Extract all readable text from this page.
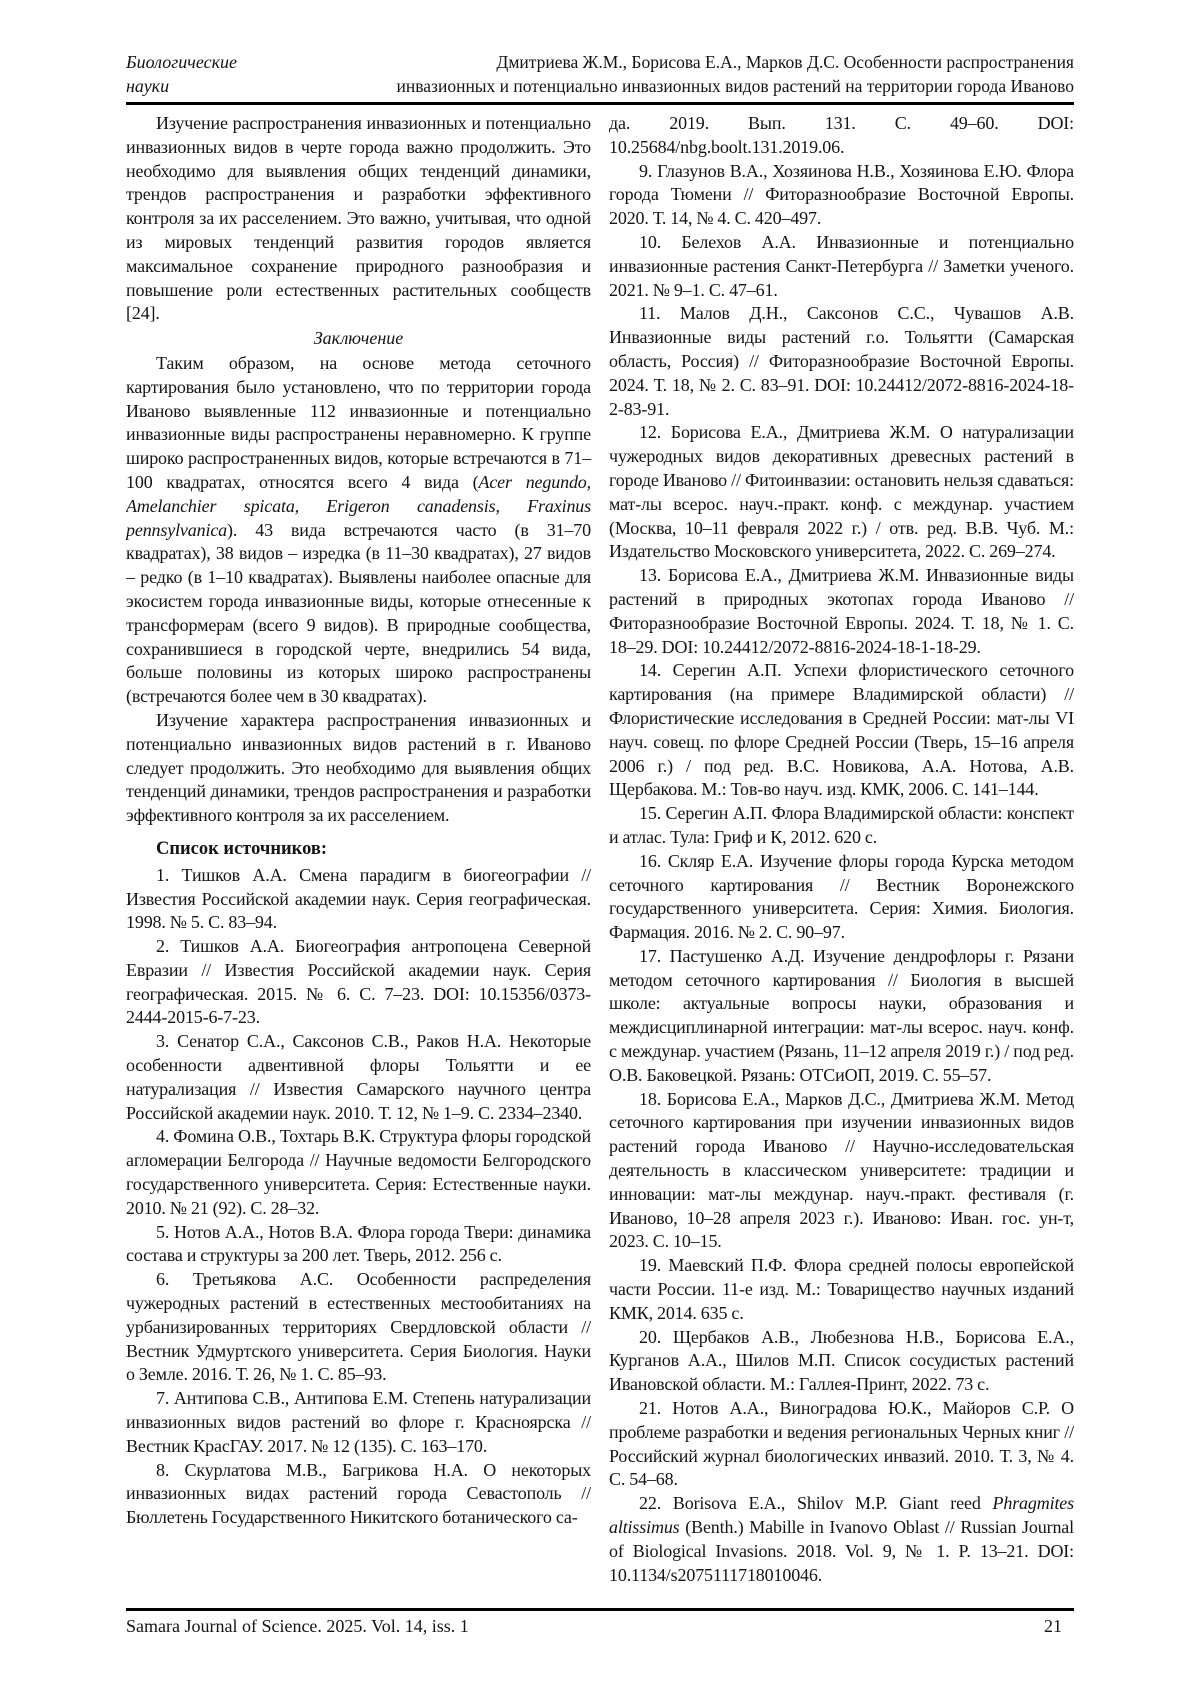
Биологические
науки
Дмитриева Ж.М., Борисова Е.А., Марков Д.С. Особенности распространения
инвазионных и потенциально инвазионных видов растений на территории города Иваново

Изучение распространения инвазионных и потенциально инвазионных видов в черте города важно продолжить. Это необходимо для выявления общих тенденций динамики, трендов распространения и разработки эффективного контроля за их расселением. Это важно, учитывая, что одной из мировых тенденций развития городов является максимальное сохранение природного разнообразия и повышение роли естественных растительных сообществ [24].

Заключение

Таким образом, на основе метода сеточного картирования было установлено, что по территории города Иваново выявленные 112 инвазионные и потенциально инвазионные виды распространены неравномерно. К группе широко распространенных видов, которые встречаются в 71–100 квадратах, относятся всего 4 вида (Acer negundo, Amelanchier spicata, Erigeron canadensis, Fraxinus pennsylvanica). 43 вида встречаются часто (в 31–70 квадратах), 38 видов – изредка (в 11–30 квадратах), 27 видов – редко (в 1–10 квадратах). Выявлены наиболее опасные для экосистем города инвазионные виды, которые отнесенные к трансформерам (всего 9 видов). В природные сообщества, сохранившиеся в городской черте, внедрились 54 вида, больше половины из которых широко распространены (встречаются более чем в 30 квадратах).

Изучение характера распространения инвазионных и потенциально инвазионных видов растений в г. Иваново следует продолжить. Это необходимо для выявления общих тенденций динамики, трендов распространения и разработки эффективного контроля за их расселением.

Список источников:

1. Тишков А.А. Смена парадигм в биогеографии // Известия Российской академии наук. Серия географическая. 1998. № 5. С. 83–94.

2. Тишков А.А. Биогеография антропоцена Северной Евразии // Известия Российской академии наук. Серия географическая. 2015. № 6. С. 7–23. DOI: 10.15356/0373-2444-2015-6-7-23.

3. Сенатор С.А., Саксонов С.В., Раков Н.А. Некоторые особенности адвентивной флоры Тольятти и ее натурализация // Известия Самарского научного центра Российской академии наук. 2010. Т. 12, № 1–9. С. 2334–2340.

4. Фомина О.В., Тохтарь В.К. Структура флоры городской агломерации Белгорода // Научные ведомости Белгородского государственного университета. Серия: Естественные науки. 2010. № 21 (92). С. 28–32.

5. Нотов А.А., Нотов В.А. Флора города Твери: динамика состава и структуры за 200 лет. Тверь, 2012. 256 с.

6. Третьякова А.С. Особенности распределения чужеродных растений в естественных местообитаниях на урбанизированных территориях Свердловской области // Вестник Удмуртского университета. Серия Биология. Науки о Земле. 2016. Т. 26, № 1. С. 85–93.

7. Антипова С.В., Антипова Е.М. Степень натурализации инвазионных видов растений во флоре г. Красноярска // Вестник КрасГАУ. 2017. № 12 (135). С. 163–170.

8. Скурлатова М.В., Багрикова Н.А. О некоторых инвазионных видах растений города Севастополь // Бюллетень Государственного Никитского ботанического са-

да. 2019. Вып. 131. С. 49–60. DOI: 10.25684/nbg.boolt.131.2019.06.

9. Глазунов В.А., Хозяинова Н.В., Хозяинова Е.Ю. Флора города Тюмени // Фиторазнообразие Восточной Европы. 2020. Т. 14, № 4. С. 420–497.

10. Белехов А.А. Инвазионные и потенциально инвазионные растения Санкт-Петербурга // Заметки ученого. 2021. № 9–1. С. 47–61.

11. Малов Д.Н., Саксонов С.С., Чувашов А.В. Инвазионные виды растений г.о. Тольятти (Самарская область, Россия) // Фиторазнообразие Восточной Европы. 2024. Т. 18, № 2. С. 83–91. DOI: 10.24412/2072-8816-2024-18-2-83-91.

12. Борисова Е.А., Дмитриева Ж.М. О натурализации чужеродных видов декоративных древесных растений в городе Иваново // Фитоинвазии: остановить нельзя сдаваться: мат-лы всерос. науч.-практ. конф. с междунар. участием (Москва, 10–11 февраля 2022 г.) / отв. ред. В.В. Чуб. М.: Издательство Московского университета, 2022. С. 269–274.

13. Борисова Е.А., Дмитриева Ж.М. Инвазионные виды растений в природных экотопах города Иваново // Фиторазнообразие Восточной Европы. 2024. Т. 18, № 1. С. 18–29. DOI: 10.24412/2072-8816-2024-18-1-18-29.

14. Серегин А.П. Успехи флористического сеточного картирования (на примере Владимирской области) // Флористические исследования в Средней России: мат-лы VI науч. совещ. по флоре Средней России (Тверь, 15–16 апреля 2006 г.) / под ред. В.С. Новикова, А.А. Нотова, А.В. Щербакова. М.: Тов-во науч. изд. КМК, 2006. С. 141–144.

15. Серегин А.П. Флора Владимирской области: конспект и атлас. Тула: Гриф и К, 2012. 620 с.

16. Скляр Е.А. Изучение флоры города Курска методом сеточного картирования // Вестник Воронежского государственного университета. Серия: Химия. Биология. Фармация. 2016. № 2. С. 90–97.

17. Пастушенко А.Д. Изучение дендрофлоры г. Рязани методом сеточного картирования // Биология в высшей школе: актуальные вопросы науки, образования и междисциплинарной интеграции: мат-лы всерос. науч. конф. с междунар. участием (Рязань, 11–12 апреля 2019 г.) / под ред. О.В. Баковецкой. Рязань: ОТСиОП, 2019. С. 55–57.

18. Борисова Е.А., Марков Д.С., Дмитриева Ж.М. Метод сеточного картирования при изучении инвазионных видов растений города Иваново // Научно-исследовательская деятельность в классическом университете: традиции и инновации: мат-лы междунар. науч.-практ. фестиваля (г. Иваново, 10–28 апреля 2023 г.). Иваново: Иван. гос. ун-т, 2023. С. 10–15.

19. Маевский П.Ф. Флора средней полосы европейской части России. 11-е изд. М.: Товарищество научных изданий КМК, 2014. 635 с.

20. Щербаков А.В., Любезнова Н.В., Борисова Е.А., Курганов А.А., Шилов М.П. Список сосудистых растений Ивановской области. М.: Галлея-Принт, 2022. 73 с.

21. Нотов А.А., Виноградова Ю.К., Майоров С.Р. О проблеме разработки и ведения региональных Черных книг // Российский журнал биологических инвазий. 2010. Т. 3, № 4. С. 54–68.

22. Borisova E.A., Shilov M.P. Giant reed Phragmites altissimus (Benth.) Mabille in Ivanovo Oblast // Russian Journal of Biological Invasions. 2018. Vol. 9, № 1. P. 13–21. DOI: 10.1134/s2075111718010046.

Samara Journal of Science. 2025. Vol. 14, iss. 1	21
